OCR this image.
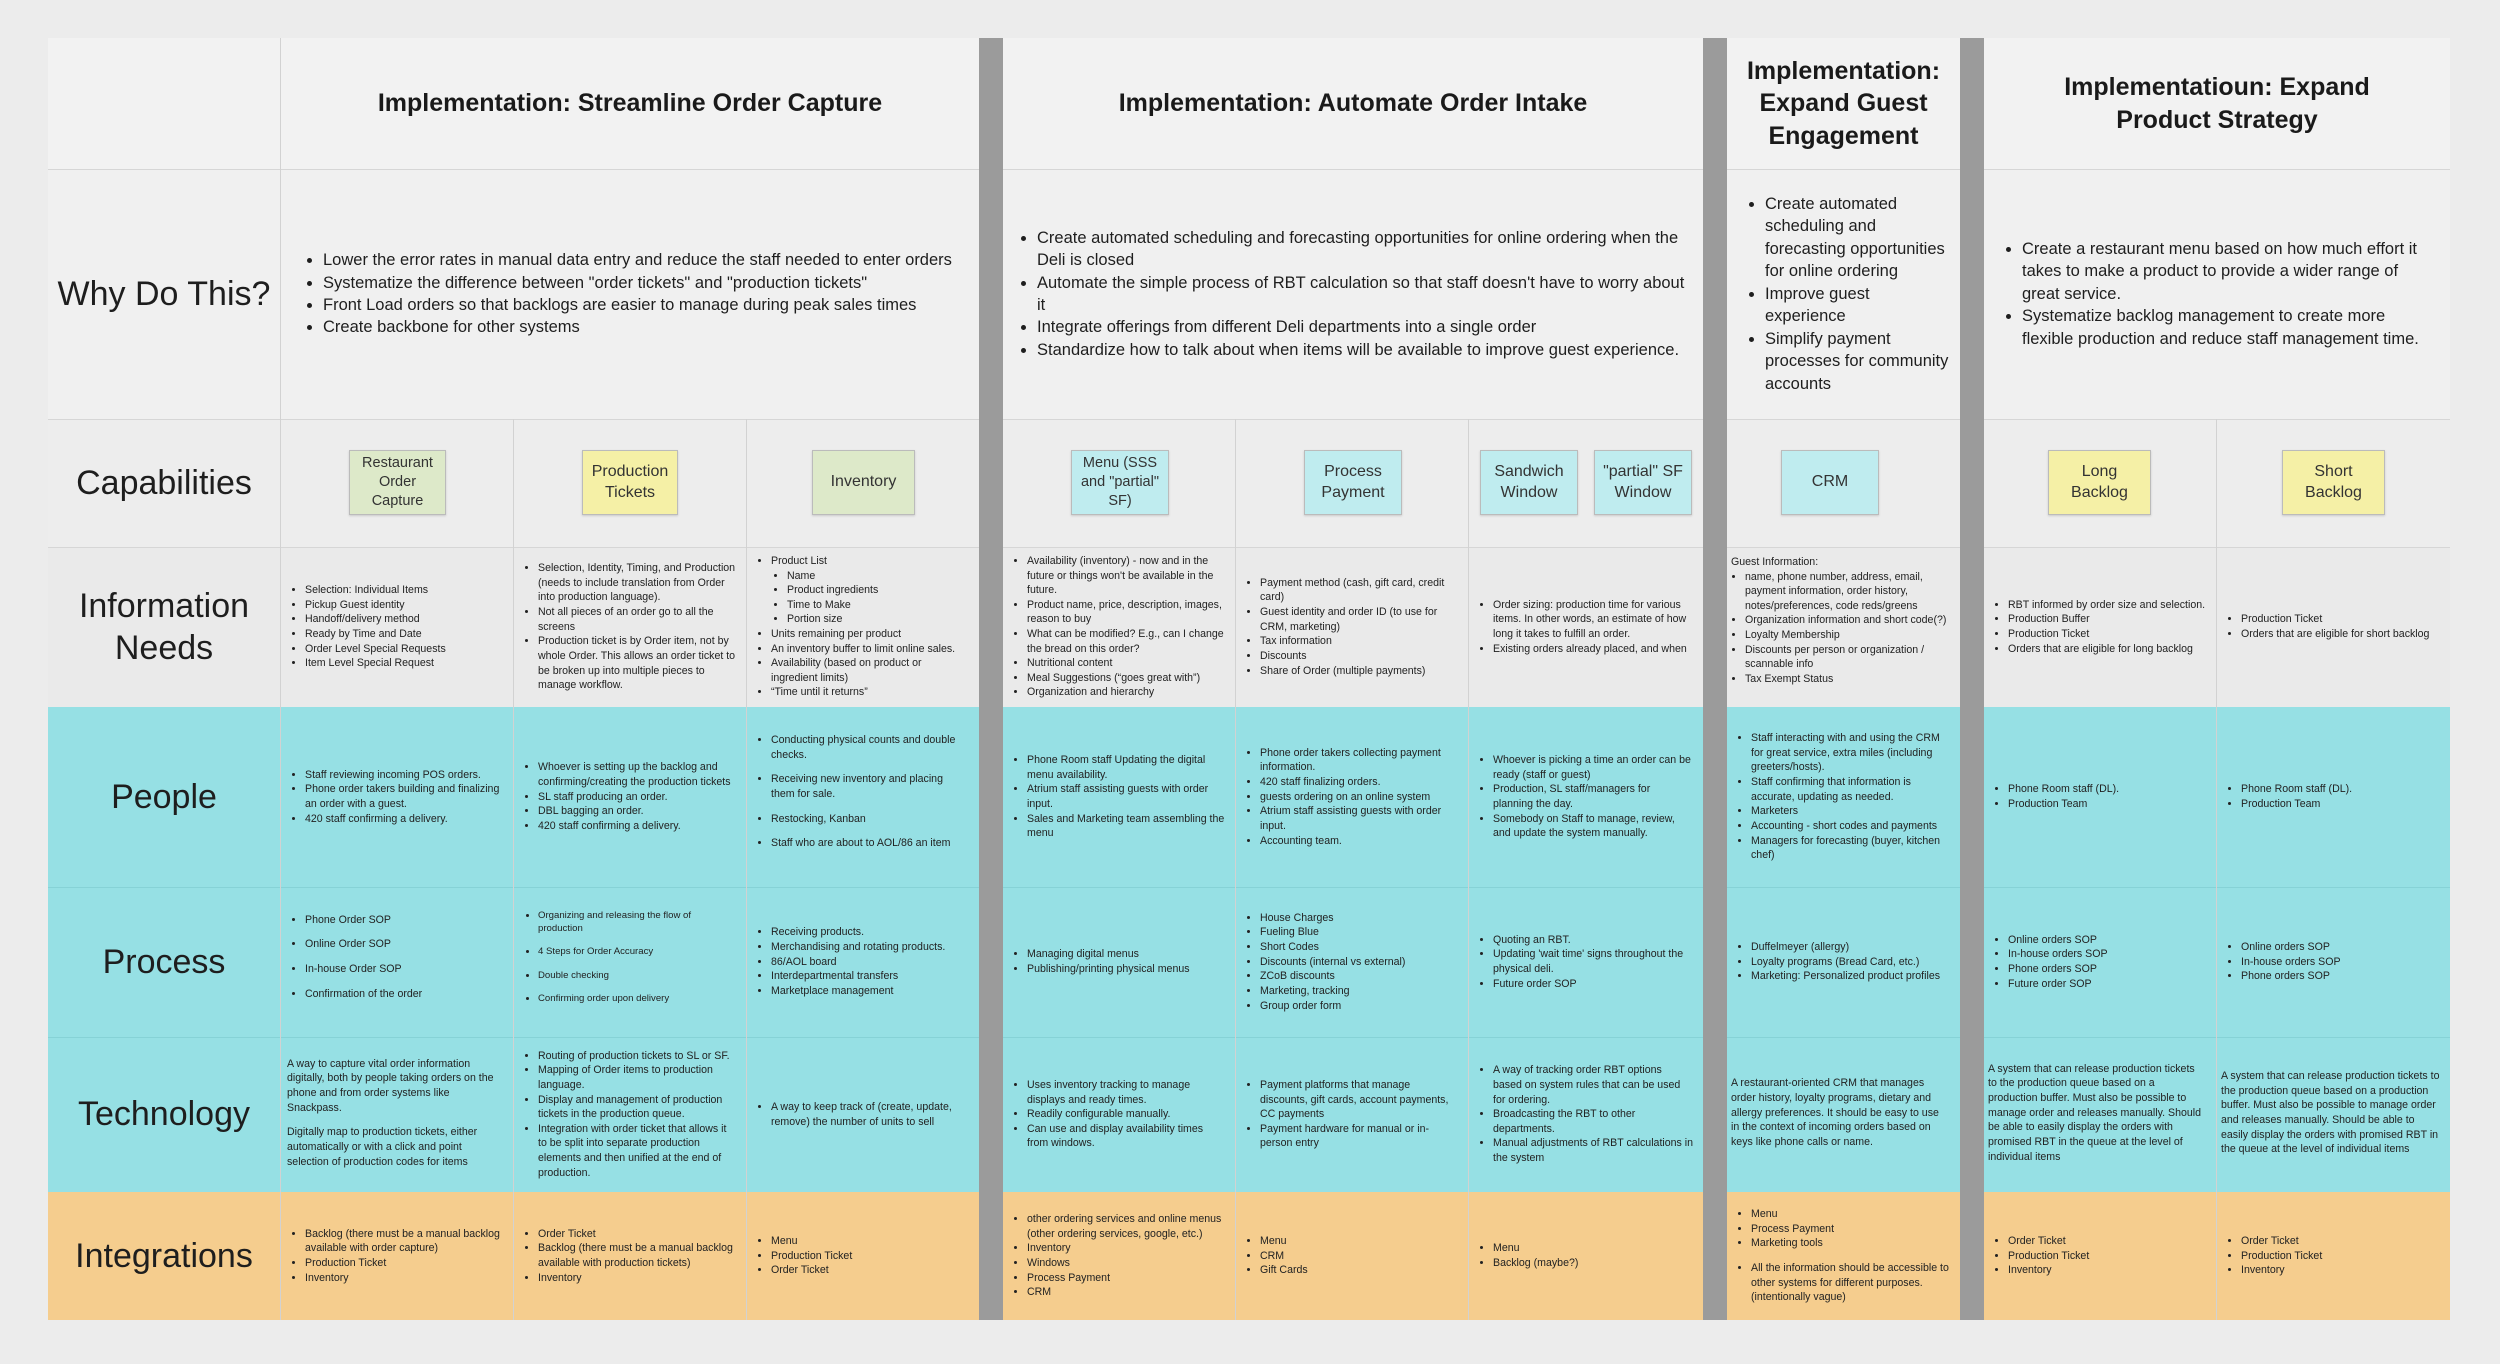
Why Do This?
Capabilities
Information Needs
People
Process
Technology
Integrations
Implementation: Streamline Order Capture	Implementation: Automate Order Intake
Implementation: Expand Guest Engagement
Implementatioun: Expand Product Strategy
• Lower the error rates in manual data entry and reduce the staff needed to enter orders
• Systematize the difference between "order tickets" and "production tickets"
• Front Load orders so that backlogs are easier to manage during peak sales times
• Create backbone for other systems
• Create automated scheduling and forecasting opportunities for online ordering when the Deli is closed
• Automate the simple process of RBT calculation so that staff doesn't have to worry about it
• Integrate offerings from different Deli departments into a single order
• Standardize how to talk about when items will be available to improve guest experience.
• Create automated scheduling and forecasting opportunities for online ordering
• Improve guest experience
• Simplify payment processes for community accounts
• Create a restaurant menu based on how much effort it takes to make a product to provide a wider range of great service.
• Systematize backlog management to create more flexible production and reduce staff management time.
Restaurant Order Capture
Production Tickets
Inventory
Menu (SSS and "partial" SF)
Process Payment
Sandwich Window
"partial" SF Window
CRM
Long Backlog
Short Backlog
• Selection: Individual Items
• Pickup Guest identity
• Handoff/delivery method
• Ready by Time and Date
• Order Level Special Requests
• Item Level Special Request
• Selection, Identity, Timing, and Production (needs to include translation from Order into production language).
• Not all pieces of an order go to all the screens
• Production ticket is by Order item, not by whole Order. This allows an order ticket to be broken up into multiple pieces to manage workflow.
• Product List
• Name
• Product ingredients
• Time to Make
• Portion size
• Units remaining per product
• An inventory buffer to limit online sales.
• Availability (based on product or ingredient limits)
• “Time until it returns”
• Availability (inventory) - now and in the future or things won't be available in the future.
• Product name, price, description, images, reason to buy
• What can be modified? E.g., can I change the bread on this order?
• Nutritional content
• Meal Suggestions (“goes great with”)
• Organization and hierarchy
• Payment method (cash, gift card, credit card)
• Guest identity and order ID (to use for CRM, marketing)
• Tax information
• Discounts
• Share of Order (multiple payments)
• Order sizing: production time for various items. In other words, an estimate of how long it takes to fulfill an order.
• Existing orders already placed, and when

Guest Information:

• name, phone number, address, email, payment information, order history, notes/preferences, code reds/greens
• Organization information and short code(?)
• Loyalty Membership
• Discounts per person or organization / scannable info
• Tax Exempt Status
• RBT informed by order size and selection.
• Production Buffer
• Production Ticket
• Orders that are eligible for long backlog
• Production Ticket
• Orders that are eligible for short backlog
• Staff reviewing incoming POS orders.
• Phone order takers building and finalizing an order with a guest.
• 420 staff confirming a delivery.
• Whoever is setting up the backlog and confirming/creating the production tickets
• SL staff producing an order.
• DBL bagging an order.
• 420 staff confirming a delivery.
• Conducting physical counts and double checks.
• Receiving new inventory and placing them for sale.
• Restocking, Kanban
• Staff who are about to AOL/86 an item
• Phone Room staff Updating the digital menu availability.
• Atrium staff assisting guests with order input.
• Sales and Marketing team assembling the menu
• Phone order takers collecting payment information.
• 420 staff finalizing orders.
• guests ordering on an online system
• Atrium staff assisting guests with order input.
• Accounting team.
• Whoever is picking a time an order can be ready (staff or guest)
• Production, SL staff/managers for planning the day.
• Somebody on Staff to manage, review, and update the system manually.
• Staff interacting with and using the CRM for great service, extra miles (including greeters/hosts).
• Staff confirming that information is accurate, updating as needed.
• Marketers
• Accounting - short codes and payments
• Managers for forecasting (buyer, kitchen chef)
• Phone Room staff (DL).
• Production Team
• Phone Room staff (DL).
• Production Team
• Phone Order SOP
• Online Order SOP
• In-house Order SOP
• Confirmation of the order
• Organizing and releasing the flow of production
• 4 Steps for Order Accuracy
• Double checking
• Confirming order upon delivery
• Receiving products.
• Merchandising and rotating products.
• 86/AOL board
• Interdepartmental transfers
• Marketplace management
• Managing digital menus
• Publishing/printing physical menus
• House Charges
• Fueling Blue
• Short Codes
• Discounts (internal vs external)
• ZCoB discounts
• Marketing, tracking
• Group order form
• Quoting an RBT.
• Updating 'wait time' signs throughout the physical deli.
• Future order SOP
• Duffelmeyer (allergy)
• Loyalty programs (Bread Card, etc.)
• Marketing: Personalized product profiles
• Online orders SOP
• In-house orders SOP
• Phone orders SOP
• Future order SOP
• Online orders SOP
• In-house orders SOP
• Phone orders SOP

A way to capture vital order information digitally, both by people taking orders on the phone and from order systems like Snackpass.

Digitally map to production tickets, either automatically or with a click and point selection of production codes for items

• Routing of production tickets to SL or SF.
• Mapping of Order items to production language.
• Display and management of production tickets in the production queue.
• Integration with order ticket that allows it to be split into separate production elements and then unified at the end of production.
• A way to keep track of (create, update, remove) the number of units to sell
• Uses inventory tracking to manage displays and ready times.
• Readily configurable manually.
• Can use and display availability times from windows.
• Payment platforms that manage discounts, gift cards, account payments, CC payments
• Payment hardware for manual or in-person entry
• A way of tracking order RBT options based on system rules that can be used for ordering.
• Broadcasting the RBT to other departments.
• Manual adjustments of RBT calculations in the system

A restaurant-oriented CRM that manages order history, loyalty programs, dietary and allergy preferences. It should be easy to use in the context of incoming orders based on keys like phone calls or name.

A system that can release production tickets to the production queue based on a production buffer. Must also be possible to manage order and releases manually. Should be able to easily display the orders with promised RBT in the queue at the level of individual items

A system that can release production tickets to the production queue based on a production buffer. Must also be possible to manage order and releases manually. Should be able to easily display the orders with promised RBT in the queue at the level of individual items

• Backlog (there must be a manual backlog available with order capture)
• Production Ticket
• Inventory
• Order Ticket
• Backlog (there must be a manual backlog available with production tickets)
• Inventory
• Menu
• Production Ticket
• Order Ticket
• other ordering services and online menus (other ordering services, google, etc.)
• Inventory
• Windows
• Process Payment
• CRM
• Menu
• CRM
• Gift Cards
• Menu
• Backlog (maybe?)
• Menu
• Process Payment
• Marketing tools
• All the information should be accessible to other systems for different purposes. (intentionally vague)
• Order Ticket
• Production Ticket
• Inventory
• Order Ticket
• Production Ticket
• Inventory
